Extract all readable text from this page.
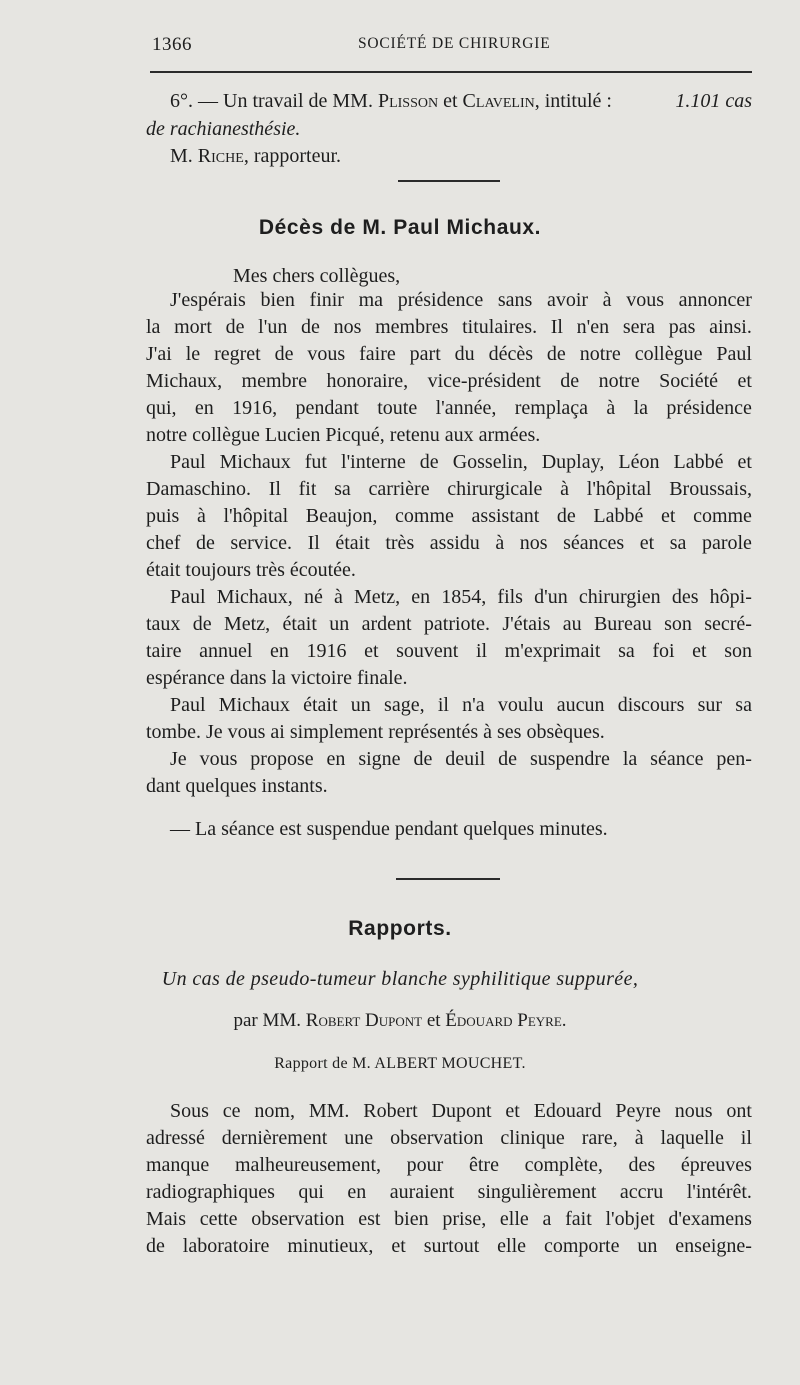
1366	SOCIÉTÉ DE CHIRURGIE
6°. — Un travail de MM. Plisson et Clavelin, intitulé :	1.101 cas
de rachianesthésie.
M. Riche, rapporteur.
Décès de M. Paul Michaux.
Mes chers collègues,
J'espérais bien finir ma présidence sans avoir à vous annoncer
la mort de l'un de nos membres titulaires. Il n'en sera pas ainsi.
J'ai le regret de vous faire part du décès de notre collègue Paul
Michaux, membre honoraire, vice-président de notre Société et
qui, en 1916, pendant toute l'année, remplaça à la présidence
notre collègue Lucien Picqué, retenu aux armées.
Paul Michaux fut l'interne de Gosselin, Duplay, Léon Labbé et
Damaschino. Il fit sa carrière chirurgicale à l'hôpital Broussais,
puis à l'hôpital Beaujon, comme assistant de Labbé et comme
chef de service. Il était très assidu à nos séances et sa parole
était toujours très écoutée.
Paul Michaux, né à Metz, en 1854, fils d'un chirurgien des hôpi-
taux de Metz, était un ardent patriote. J'étais au Bureau son secré-
taire annuel en 1916 et souvent il m'exprimait sa foi et son
espérance dans la victoire finale.
Paul Michaux était un sage, il n'a voulu aucun discours sur sa
tombe. Je vous ai simplement représentés à ses obsèques.
Je vous propose en signe de deuil de suspendre la séance pen-
dant quelques instants.
— La séance est suspendue pendant quelques minutes.
Rapports.
Un cas de pseudo-tumeur blanche syphilitique suppurée,
par MM. Robert Dupont et Édouard Peyre.
Rapport de M. ALBERT MOUCHET.
Sous ce nom, MM. Robert Dupont et Edouard Peyre nous ont
adressé dernièrement une observation clinique rare, à laquelle il
manque malheureusement, pour être complète, des épreuves
radiographiques qui en auraient singulièrement accru l'intérêt.
Mais cette observation est bien prise, elle a fait l'objet d'examens
de laboratoire minutieux, et surtout elle comporte un enseigne-
